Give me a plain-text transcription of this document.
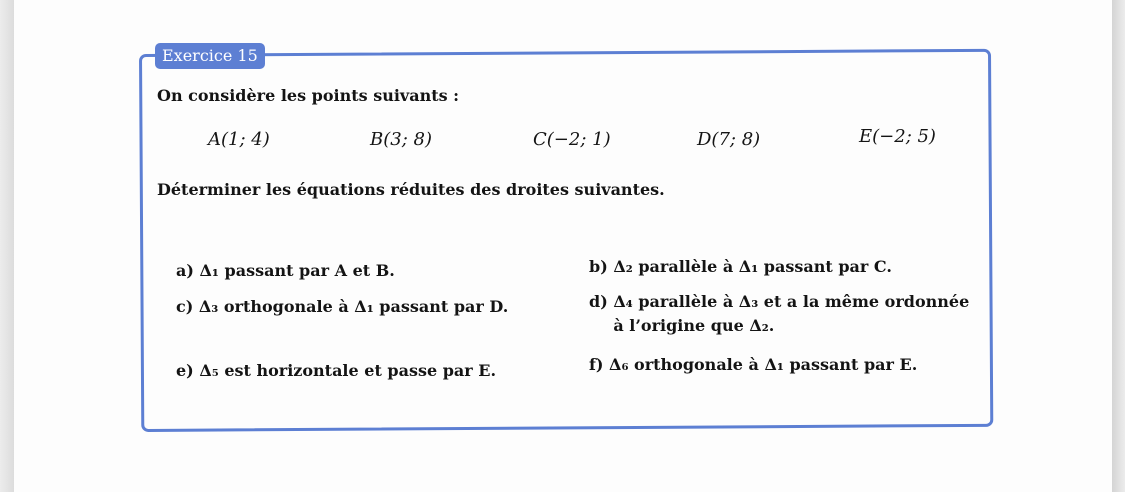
Exercice 15
On considère les points suivants :
A(1; 4)	B(3; 8)	C(−2; 1)	D(7; 8)	E(−2; 5)
Déterminer les équations réduites des droites suivantes.
a) Δ₁ passant par A et B.	b) Δ₂ parallèle à Δ₁ passant par C.
c) Δ₃ orthogonale à Δ₁ passant par D.	d) Δ₄ parallèle à Δ₃ et a la même ordonnée
à l’origine que Δ₂.
e) Δ₅ est horizontale et passe par E.	f) Δ₆ orthogonale à Δ₁ passant par E.
